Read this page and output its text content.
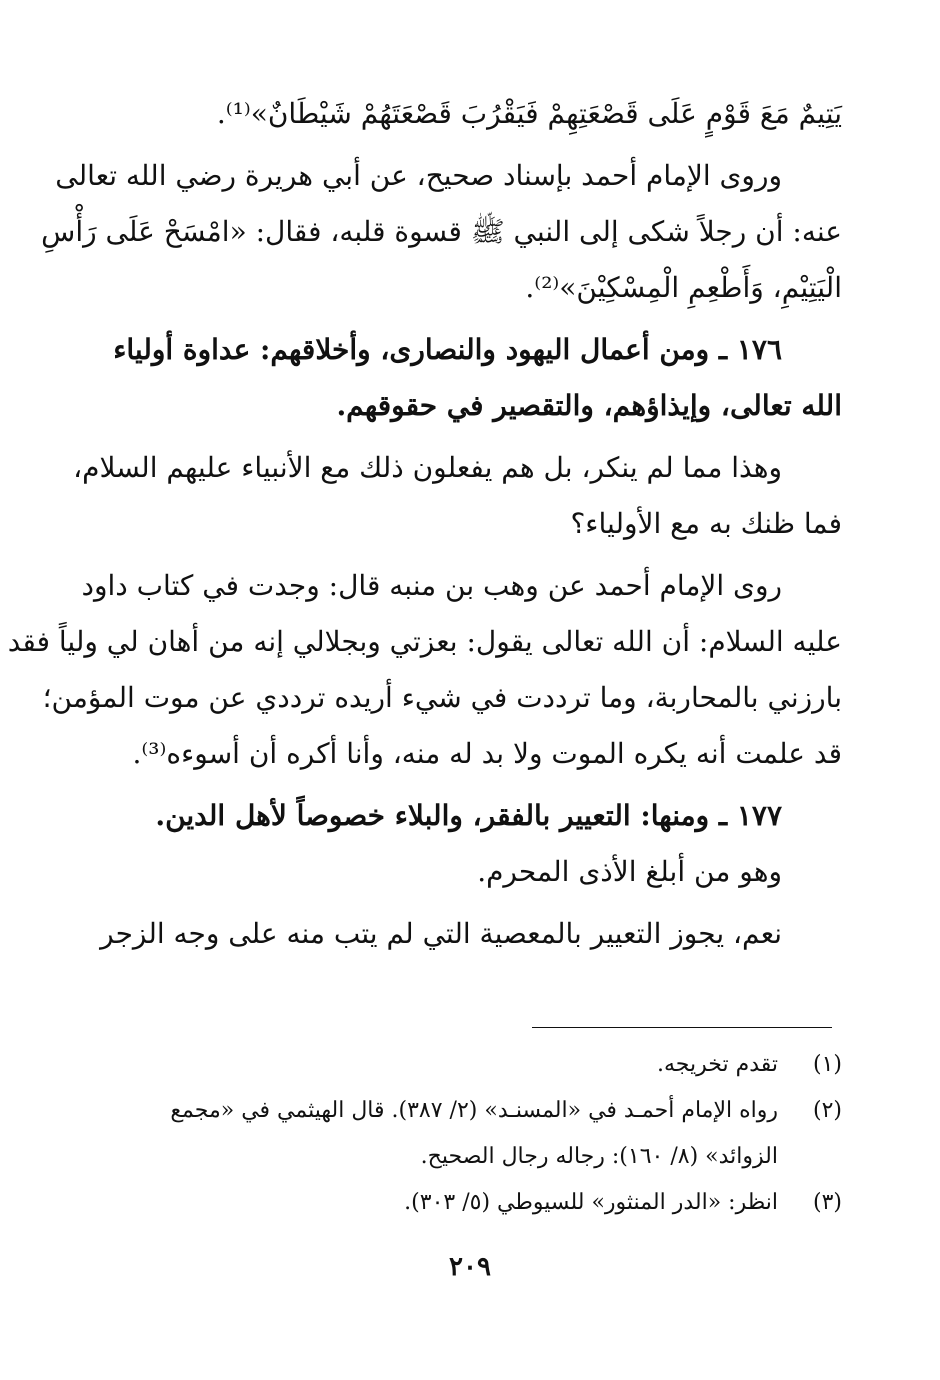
يَتِيمٌ مَعَ قَوْمٍ عَلَى قَصْعَتِهِمْ فَيَقْرُبَ قَصْعَتَهُمْ شَيْطَانٌ»⁽¹⁾.
وروى الإمام أحمد بإسناد صحيح، عن أبي هريرة رضي الله تعالى
عنه: أن رجلاً شكى إلى النبي ﷺ قسوة قلبه، فقال: «امْسَحْ عَلَى رَأْسِ
الْيَتِيْمِ، وَأَطْعِمِ الْمِسْكِيْنَ»⁽²⁾.
١٧٦ ـ ومن أعمال اليهود والنصارى، وأخلاقهم: عداوة أولياء
الله تعالى، وإيذاؤهم، والتقصير في حقوقهم.
وهذا مما لم ينكر، بل هم يفعلون ذلك مع الأنبياء عليهم السلام،
فما ظنك به مع الأولياء؟
روى الإمام أحمد عن وهب بن منبه قال: وجدت في كتاب داود
عليه السلام: أن الله تعالى يقول: بعزتي وبجلالي إنه من أهان لي ولياً فقد
بارزني بالمحاربة، وما ترددت في شيء أريده ترددي عن موت المؤمن؛
قد علمت أنه يكره الموت ولا بد له منه، وأنا أكره أن أسوءه⁽³⁾.
١٧٧ ـ ومنها: التعيير بالفقر، والبلاء خصوصاً لأهل الدين.
وهو من أبلغ الأذى المحرم.
نعم، يجوز التعيير بالمعصية التي لم يتب منه على وجه الزجر
(١)تقدم تخريجه.
(٢)رواه الإمام أحمـد في «المسنـد» (٢/ ٣٨٧). قال الهيثمي في «مجمع
الزوائد» (٨/ ١٦٠): رجاله رجال الصحيح.
(٣)انظر: «الدر المنثور» للسيوطي (٥/ ٣٠٣).
٢٠٩
